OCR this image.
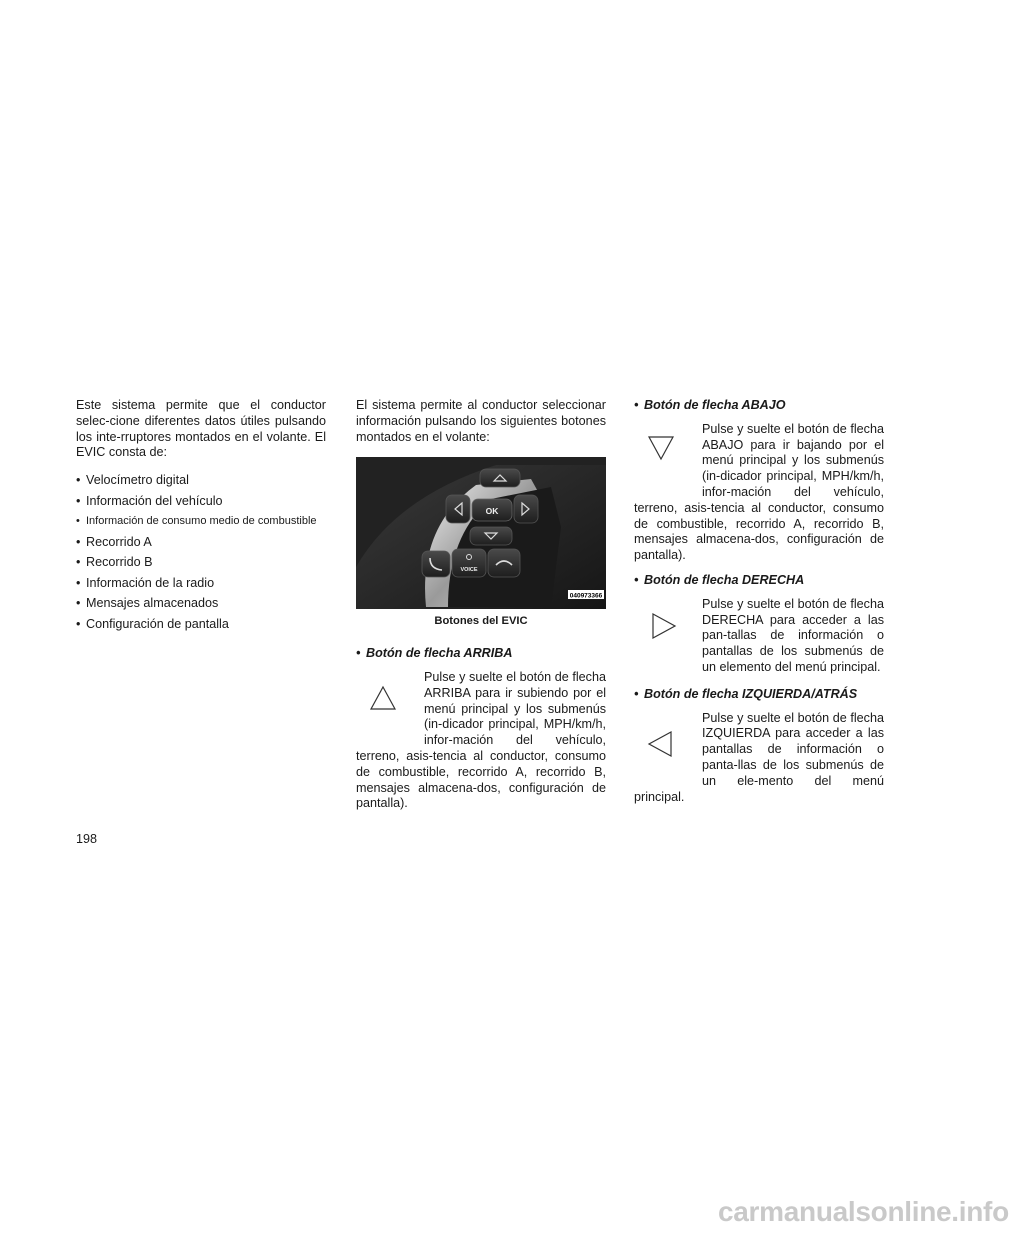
Este sistema permite que el conductor selec-cione diferentes datos útiles pulsando los inte-rruptores montados en el volante. El EVIC consta de:

• Velocímetro digital
• Información del vehículo
• Información de consumo medio de combustible
• Recorrido A
• Recorrido B
• Información de la radio
• Mensajes almacenados
• Configuración de pantalla

El sistema permite al conductor seleccionar información pulsando los siguientes botones montados en el volante:

OK
VOICE
040973366
Botones del EVIC

• Botón de flecha ARRIBA

Pulse y suelte el botón de flecha ARRIBA para ir subiendo por el menú principal y los submenús (in-dicador principal, MPH/km/h, infor-mación del vehículo, terreno, asis-tencia al conductor, consumo de combustible, recorrido A, recorrido B, mensajes almacena-dos, configuración de pantalla).

• Botón de flecha ABAJO

Pulse y suelte el botón de flecha ABAJO para ir bajando por el menú principal y los submenús (in-dicador principal, MPH/km/h, infor-mación del vehículo, terreno, asis-tencia al conductor, consumo de combustible, recorrido A, recorrido B, mensajes almacena-dos, configuración de pantalla).

• Botón de flecha DERECHA

Pulse y suelte el botón de flecha DERECHA para acceder a las pan-tallas de información o pantallas de los submenús de un elemento del menú principal.

• Botón de flecha IZQUIERDA/ATRÁS

Pulse y suelte el botón de flecha IZQUIERDA para acceder a las pantallas de información o panta-llas de los submenús de un ele-mento del menú principal.

198
carmanualsonline.info
